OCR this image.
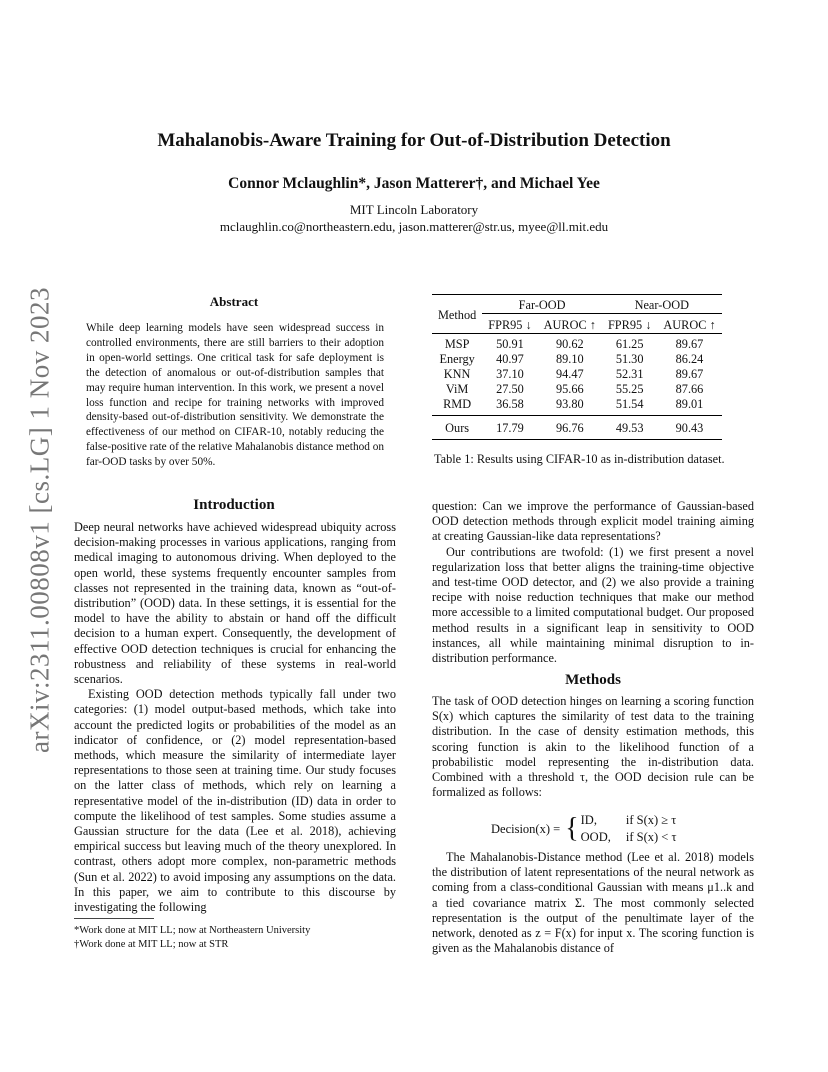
arXiv:2311.00808v1 [cs.LG] 1 Nov 2023
Mahalanobis-Aware Training for Out-of-Distribution Detection
Connor Mclaughlin*, Jason Matterer†, and Michael Yee
MIT Lincoln Laboratory
mclaughlin.co@northeastern.edu, jason.matterer@str.us, myee@ll.mit.edu
Abstract
While deep learning models have seen widespread success in controlled environments, there are still barriers to their adoption in open-world settings. One critical task for safe deployment is the detection of anomalous or out-of-distribution samples that may require human intervention. In this work, we present a novel loss function and recipe for training networks with improved density-based out-of-distribution sensitivity. We demonstrate the effectiveness of our method on CIFAR-10, notably reducing the false-positive rate of the relative Mahalanobis distance method on far-OOD tasks by over 50%.
Introduction

Deep neural networks have achieved widespread ubiquity across decision-making processes in various applications, ranging from medical imaging to autonomous driving. When deployed to the open world, these systems frequently encounter samples from classes not represented in the training data, known as “out-of-distribution” (OOD) data. In these settings, it is essential for the model to have the ability to abstain or hand off the difficult decision to a human expert. Consequently, the development of effective OOD detection techniques is crucial for enhancing the robustness and reliability of these systems in real-world scenarios.

Existing OOD detection methods typically fall under two categories: (1) model output-based methods, which take into account the predicted logits or probabilities of the model as an indicator of confidence, or (2) model representation-based methods, which measure the similarity of intermediate layer representations to those seen at training time. Our study focuses on the latter class of methods, which rely on learning a representative model of the in-distribution (ID) data in order to compute the likelihood of test samples. Some studies assume a Gaussian structure for the data (Lee et al. 2018), achieving empirical success but leaving much of the theory unexplored. In contrast, others adopt more complex, non-parametric methods (Sun et al. 2022) to avoid imposing any assumptions on the data. In this paper, we aim to contribute to this discourse by investigating the following

*Work done at MIT LL; now at Northeastern University
†Work done at MIT LL; now at STR
Method	Far-OOD		Near-OOD	
	FPR95 ↓	AUROC ↑	FPR95 ↓	AUROC ↑
MSP	50.91	90.62	61.25	89.67
Energy	40.97	89.10	51.30	86.24
KNN	37.10	94.47	52.31	89.67
ViM	27.50	95.66	55.25	87.66
RMD	36.58	93.80	51.54	89.01
Ours	17.79	96.76	49.53	90.43
Table 1: Results using CIFAR-10 as in-distribution dataset.

question: Can we improve the performance of Gaussian-based OOD detection methods through explicit model training aiming at creating Gaussian-like data representations?

Our contributions are twofold: (1) we first present a novel regularization loss that better aligns the training-time objective and test-time OOD detector, and (2) we also provide a training recipe with noise reduction techniques that make our method more accessible to a limited computational budget. Our proposed method results in a significant leap in sensitivity to OOD instances, all while maintaining minimal disruption to in-distribution performance.

Methods
The task of OOD detection hinges on learning a scoring function S(x) which captures the similarity of test data to the training distribution. In the case of density estimation methods, this scoring function is akin to the likelihood function of a probabilistic model representing the in-distribution data. Combined with a threshold τ, the OOD decision rule can be formalized as follows:
Decision(x) =	{	ID,	if S(x) ≥ τ
		OOD,	if S(x) < τ

The Mahalanobis-Distance method (Lee et al. 2018) models the distribution of latent representations of the neural network as coming from a class-conditional Gaussian with means μ1..k and a tied covariance matrix Σ. The most commonly selected representation is the output of the penultimate layer of the network, denoted as z = F(x) for input x. The scoring function is given as the Mahalanobis distance of
